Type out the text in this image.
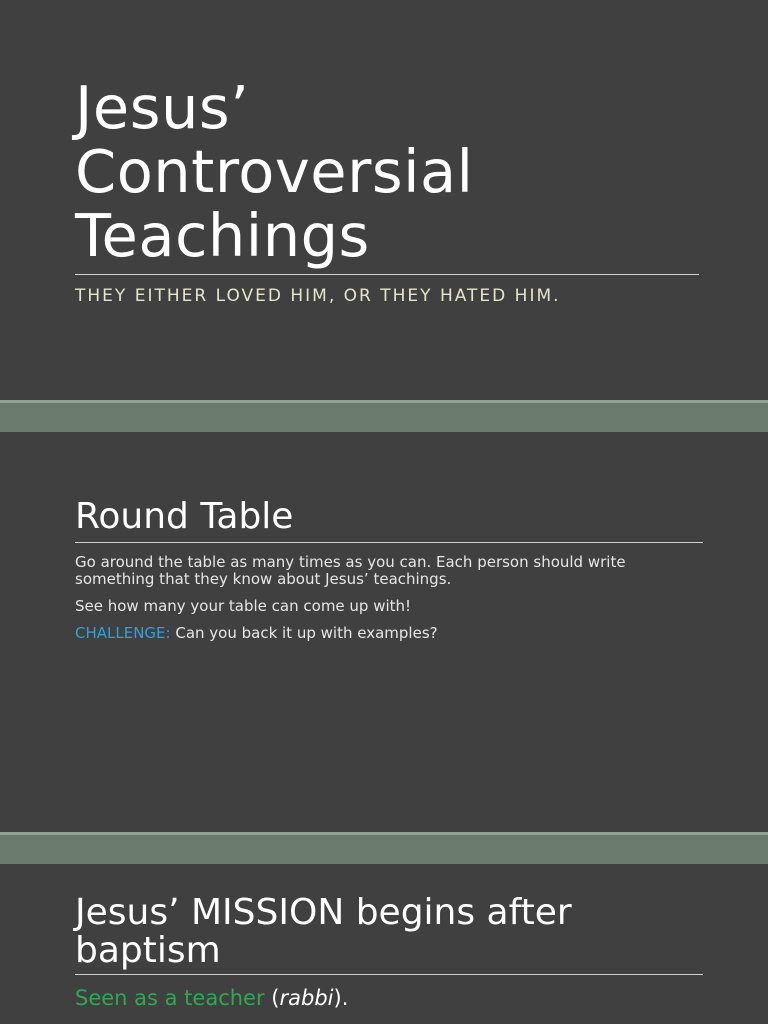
Jesus’
Controversial
Teachings

THEY EITHER LOVED HIM, OR THEY HATED HIM.

Round Table

Go around the table as many times as you can. Each person should write something that they know about Jesus’ teachings.

See how many your table can come up with!

CHALLENGE: Can you back it up with examples?

Jesus’ MISSION begins after
baptism
Seen as a teacher (rabbi).
